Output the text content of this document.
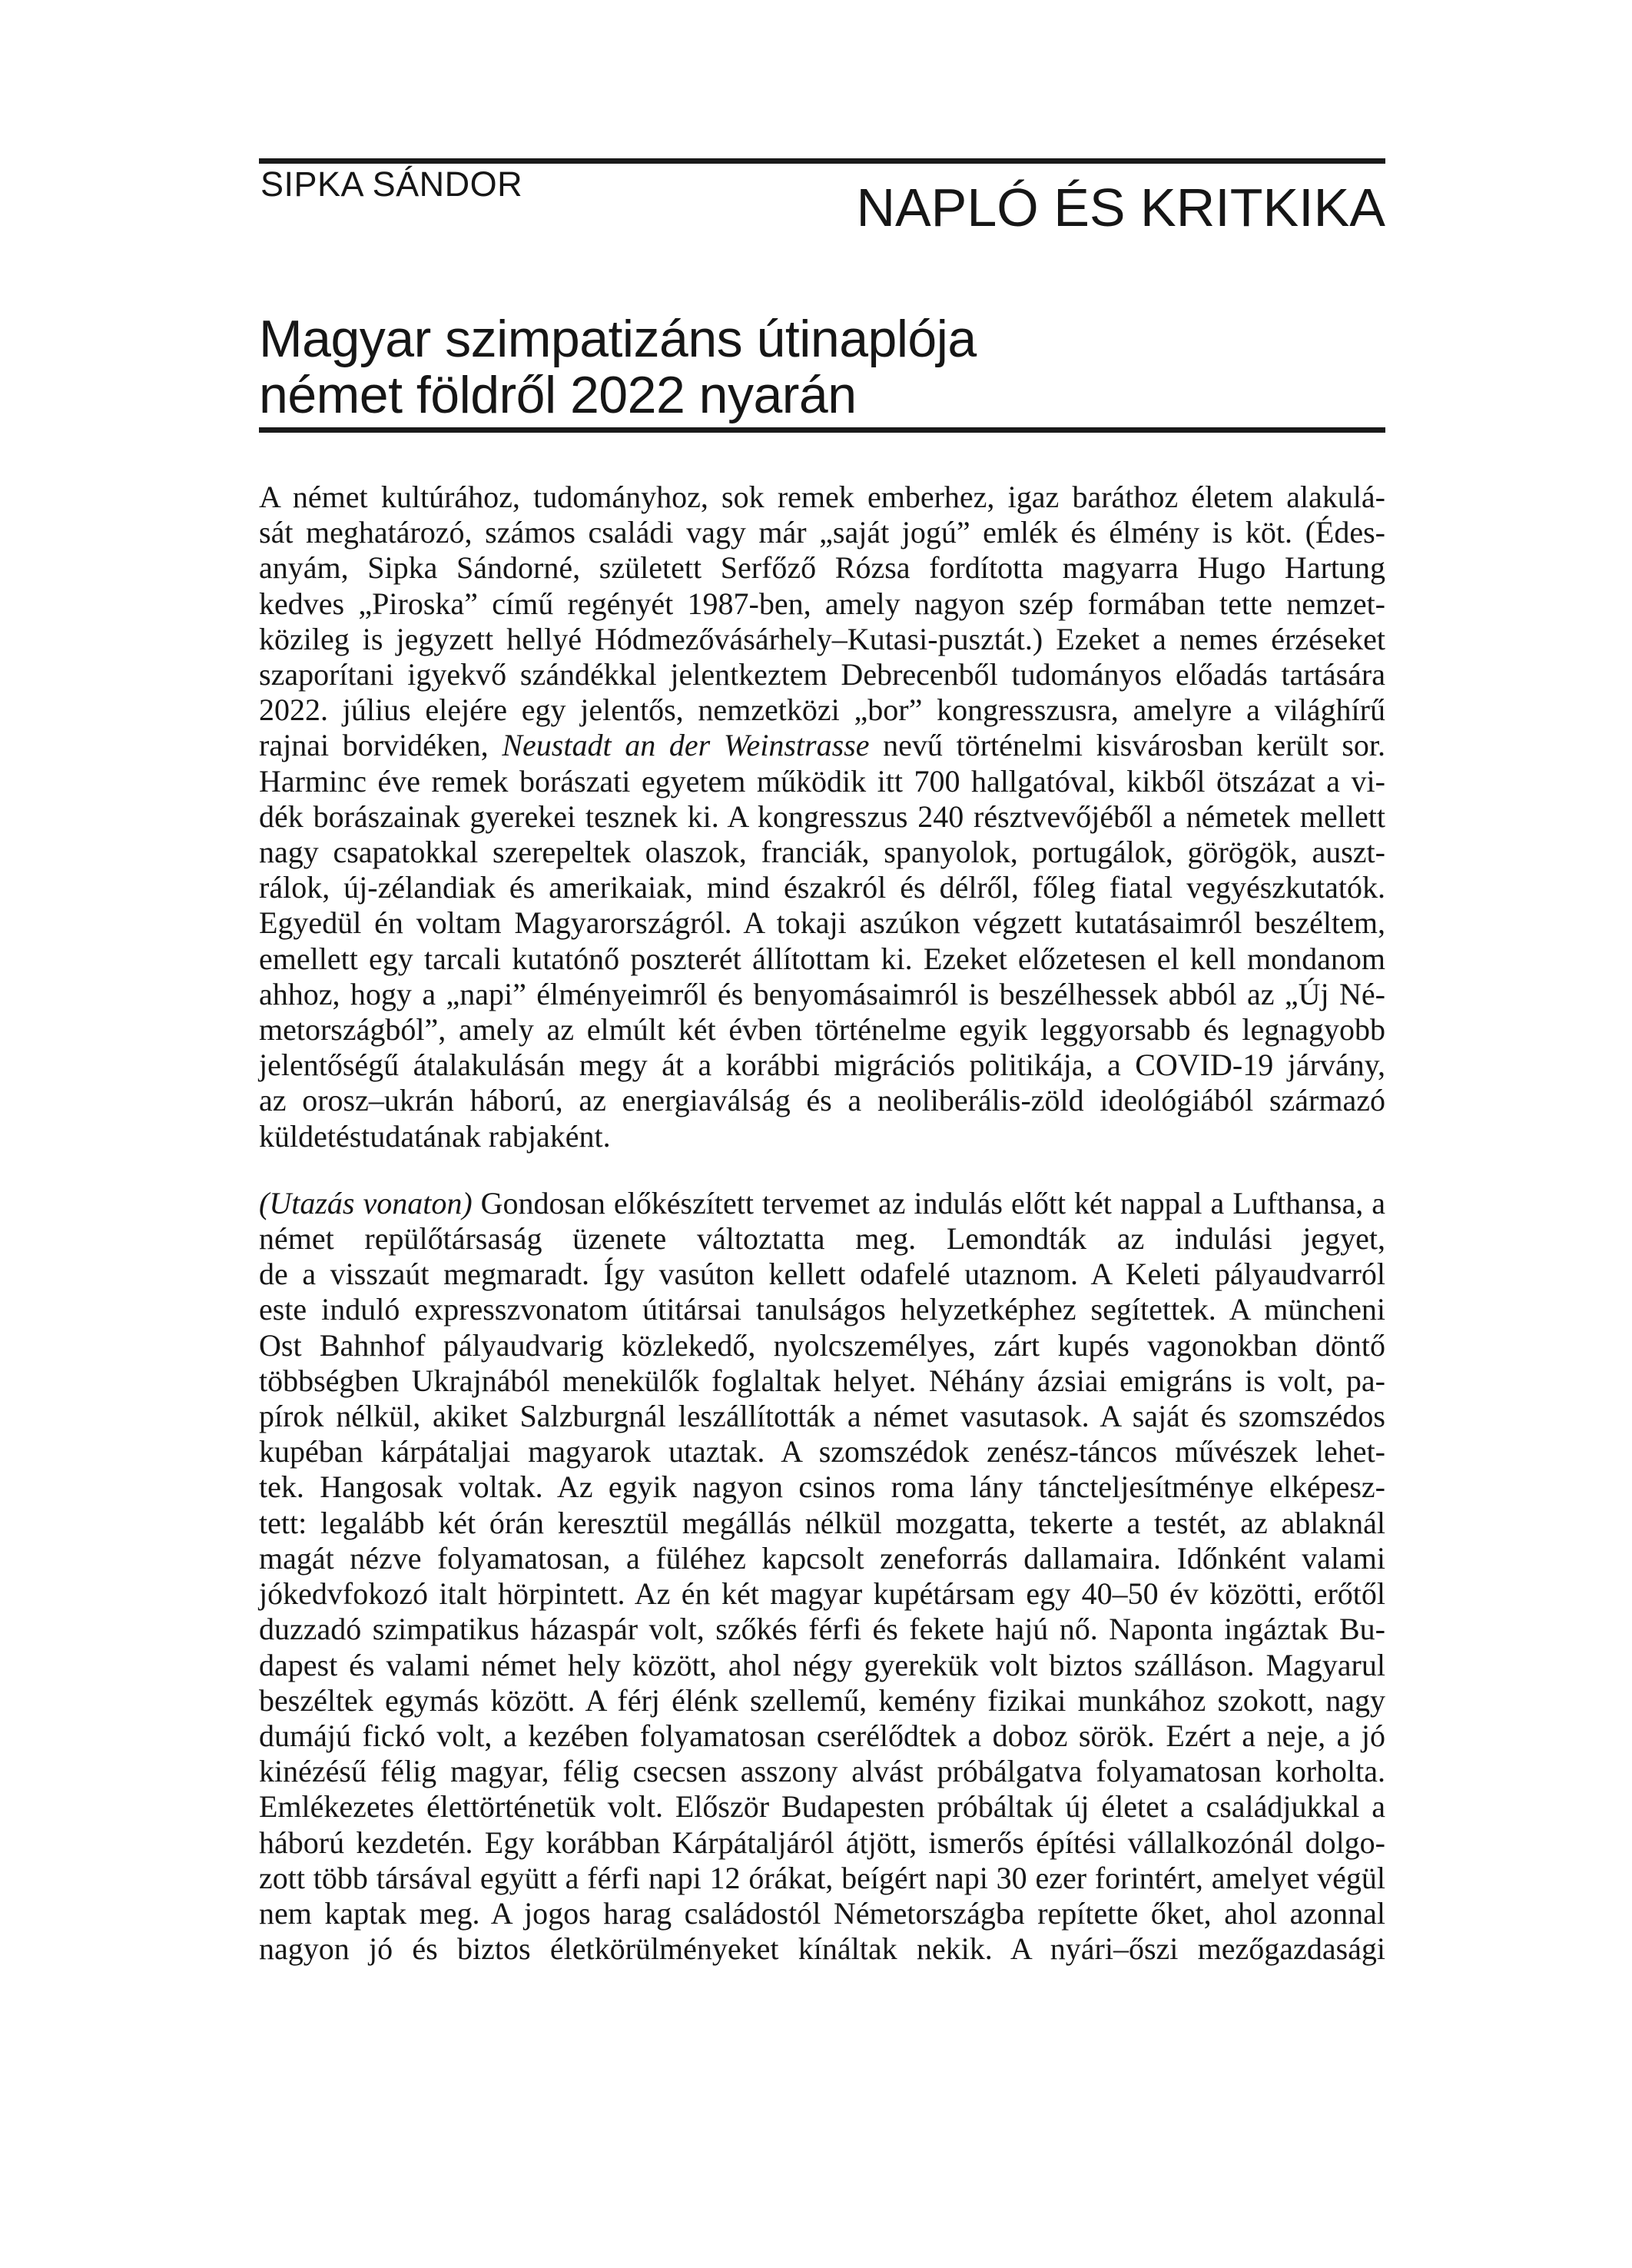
SIPKA SÁNDOR	NAPLÓ ÉS KRITKIKA
Magyar szimpatizáns útinaplója
német földről 2022 nyarán
A német kultúrához, tudományhoz, sok remek emberhez, igaz baráthoz életem alakulá-
sát meghatározó, számos családi vagy már „saját jogú” emlék és élmény is köt. (Édes-
anyám, Sipka Sándorné, született Serfőző Rózsa fordította magyarra Hugo Hartung
kedves „Piroska” című regényét 1987-ben, amely nagyon szép formában tette nemzet-
közileg is jegyzett hellyé Hódmezővásárhely–Kutasi-pusztát.) Ezeket a nemes érzéseket
szaporítani igyekvő szándékkal jelentkeztem Debrecenből tudományos előadás tartására
2022. július elejére egy jelentős, nemzetközi „bor” kongresszusra, amelyre a világhírű
rajnai borvidéken, Neustadt an der Weinstrasse nevű történelmi kisvárosban került sor.
Harminc éve remek borászati egyetem működik itt 700 hallgatóval, kikből ötszázat a vi-
dék borászainak gyerekei tesznek ki. A kongresszus 240 résztvevőjéből a németek mellett
nagy csapatokkal szerepeltek olaszok, franciák, spanyolok, portugálok, görögök, auszt-
rálok, új-zélandiak és amerikaiak, mind északról és délről, főleg fiatal vegyészkutatók.
Egyedül én voltam Magyarországról. A tokaji aszúkon végzett kutatásaimról beszéltem,
emellett egy tarcali kutatónő poszterét állítottam ki. Ezeket előzetesen el kell mondanom
ahhoz, hogy a „napi” élményeimről és benyomásaimról is beszélhessek abból az „Új Né-
metországból”, amely az elmúlt két évben történelme egyik leggyorsabb és legnagyobb
jelentőségű átalakulásán megy át a korábbi migrációs politikája, a COVID-19 járvány,
az orosz–ukrán háború, az energiaválság és a neoliberális-zöld ideológiából származó
küldetéstudatának rabjaként.
(Utazás vonaton) Gondosan előkészített tervemet az indulás előtt két nappal a Lufthansa, a
német repülőtársaság üzenete változtatta meg. Lemondták az indulási jegyet,
de a visszaút megmaradt. Így vasúton kellett odafelé utaznom. A Keleti pályaudvarról
este induló expresszvonatom útitársai tanulságos helyzetképhez segítettek. A müncheni
Ost Bahnhof pályaudvarig közlekedő, nyolcszemélyes, zárt kupés vagonokban döntő
többségben Ukrajnából menekülők foglaltak helyet. Néhány ázsiai emigráns is volt, pa-
pírok nélkül, akiket Salzburgnál leszállították a német vasutasok. A saját és szomszédos
kupéban kárpátaljai magyarok utaztak. A szomszédok zenész-táncos művészek lehet-
tek. Hangosak voltak. Az egyik nagyon csinos roma lány táncteljesítménye elképesz-
tett: legalább két órán keresztül megállás nélkül mozgatta, tekerte a testét, az ablaknál
magát nézve folyamatosan, a füléhez kapcsolt zeneforrás dallamaira. Időnként valami
jókedvfokozó italt hörpintett. Az én két magyar kupétársam egy 40–50 év közötti, erőtől
duzzadó szimpatikus házaspár volt, szőkés férfi és fekete hajú nő. Naponta ingáztak Bu-
dapest és valami német hely között, ahol négy gyerekük volt biztos szálláson. Magyarul
beszéltek egymás között. A férj élénk szellemű, kemény fizikai munkához szokott, nagy
dumájú fickó volt, a kezében folyamatosan cserélődtek a doboz sörök. Ezért a neje, a jó
kinézésű félig magyar, félig csecsen asszony alvást próbálgatva folyamatosan korholta.
Emlékezetes élettörténetük volt. Először Budapesten próbáltak új életet a családjukkal a
háború kezdetén. Egy korábban Kárpátaljáról átjött, ismerős építési vállalkozónál dolgo-
zott több társával együtt a férfi napi 12 órákat, beígért napi 30 ezer forintért, amelyet végül
nem kaptak meg. A jogos harag családostól Németországba repítette őket, ahol azonnal
nagyon jó és biztos életkörülményeket kínáltak nekik. A nyári–őszi mezőgazdasági
